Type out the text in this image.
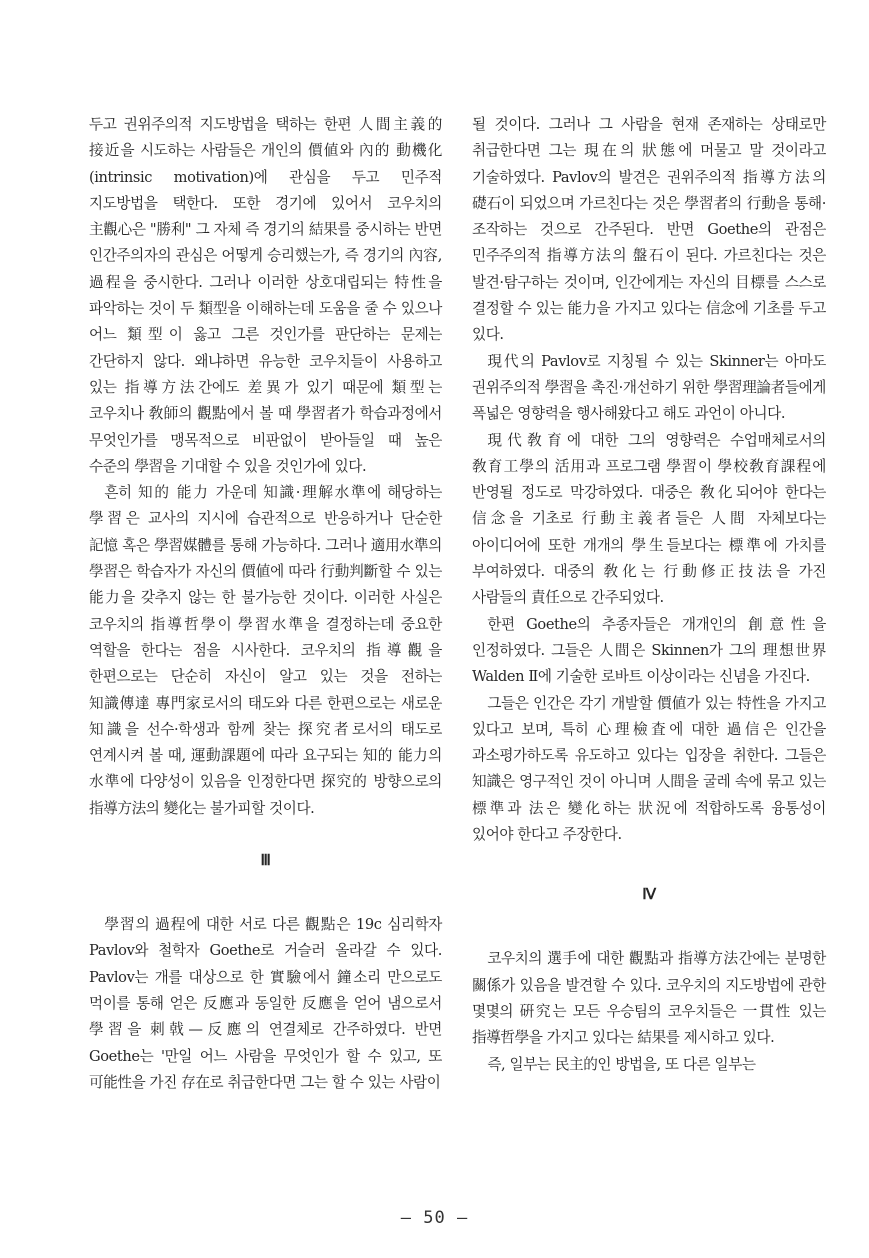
두고 권위주의적 지도방법을 택하는 한편 人間主義的 接近을 시도하는 사람들은 개인의 價値와 內的 動機化(intrinsic motivation)에 관심을 두고 민주적 지도방법을 택한다. 또한 경기에 있어서 코우치의 主觀心은 "勝利" 그 자체 즉 경기의 結果를 중시하는 반면 인간주의자의 관심은 어떻게 승리했는가, 즉 경기의 內容, 過程을 중시한다. 그러나 이러한 상호대립되는 特性을 파악하는 것이 두 類型을 이해하는데 도움을 줄 수 있으나 어느 類型이 옳고 그른 것인가를 판단하는 문제는 간단하지 않다. 왜냐하면 유능한 코우치들이 사용하고 있는 指導方法간에도 差異가 있기 때문에 類型는 코우치나 敎師의 觀點에서 볼 때 學習者가 학습과정에서 무엇인가를 맹목적으로 비판없이 받아들일 때 높은 수준의 學習을 기대할 수 있을 것인가에 있다.

흔히 知的 能力 가운데 知識·理解水準에 해당하는 學習은 교사의 지시에 습관적으로 반응하거나 단순한 記憶 혹은 學習媒體를 통해 가능하다. 그러나 適用水準의 學習은 학습자가 자신의 價値에 따라 行動判斷할 수 있는 能力을 갖추지 않는 한 불가능한 것이다. 이러한 사실은 코우치의 指導哲學이 學習水準을 결정하는데 중요한 역할을 한다는 점을 시사한다. 코우치의 指導觀을 한편으로는 단순히 자신이 알고 있는 것을 전하는 知識傳達 專門家로서의 태도와 다른 한편으로는 새로운 知識을 선수·학생과 함께 찾는 探究者로서의 태도로 연계시켜 볼 때, 運動課題에 따라 요구되는 知的 能力의 水準에 다양성이 있음을 인정한다면 探究的 방향으로의 指導方法의 變化는 불가피할 것이다.

Ⅲ

學習의 過程에 대한 서로 다른 觀點은 19c 심리학자 Pavlov와 철학자 Goethe로 거슬러 올라갈 수 있다. Pavlov는 개를 대상으로 한 實驗에서 鐘소리 만으로도 먹이를 통해 얻은 反應과 동일한 反應을 얻어 냄으로서 學習을 刺戟—反應의 연결체로 간주하였다. 반면 Goethe는 '만일 어느 사람을 무엇인가 할 수 있고, 또 可能性을 가진 存在로 취급한다면 그는 할 수 있는 사람이

될 것이다. 그러나 그 사람을 현재 존재하는 상태로만 취급한다면 그는 現在의 狀態에 머물고 말 것이라고 기술하였다. Pavlov의 발견은 권위주의적 指導方法의 礎石이 되었으며 가르친다는 것은 學習者의 行動을 통해·조작하는 것으로 간주된다. 반면 Goethe의 관점은 민주주의적 指導方法의 盤石이 된다. 가르친다는 것은 발견·탐구하는 것이며, 인간에게는 자신의 目標를 스스로 결정할 수 있는 能力을 가지고 있다는 信念에 기초를 두고 있다.

現代의 Pavlov로 지칭될 수 있는 Skinner는 아마도 권위주의적 學習을 촉진·개선하기 위한 學習理論者들에게 폭넓은 영향력을 행사해왔다고 해도 과언이 아니다.

現代敎育에 대한 그의 영향력은 수업매체로서의 敎育工學의 活用과 프로그램 學習이 學校敎育課程에 반영될 정도로 막강하였다. 대중은 敎化되어야 한다는 信念을 기초로 行動主義者들은 人間 자체보다는 아이디어에 또한 개개의 學生들보다는 標準에 가치를 부여하였다. 대중의 敎化는 行動修正技法을 가진 사람들의 責任으로 간주되었다.

한편 Goethe의 추종자들은 개개인의 創意性을 인정하였다. 그들은 人間은 Skinnen가 그의 理想世界 Walden Ⅱ에 기술한 로바트 이상이라는 신념을 가진다.

그들은 인간은 각기 개발할 價値가 있는 特性을 가지고 있다고 보며, 특히 心理檢査에 대한 過信은 인간을 과소평가하도록 유도하고 있다는 입장을 취한다. 그들은 知識은 영구적인 것이 아니며 人間을 굴레 속에 묶고 있는 標準과 法은 變化하는 狀況에 적합하도록 융통성이 있어야 한다고 주장한다.

Ⅳ

코우치의 選手에 대한 觀點과 指導方法간에는 분명한 關係가 있음을 발견할 수 있다. 코우치의 지도방법에 관한 몇몇의 硏究는 모든 우승팀의 코우치들은 一貫性 있는 指導哲學을 가지고 있다는 結果를 제시하고 있다.

즉, 일부는 民主的인 방법을, 또 다른 일부는

— 50 —
